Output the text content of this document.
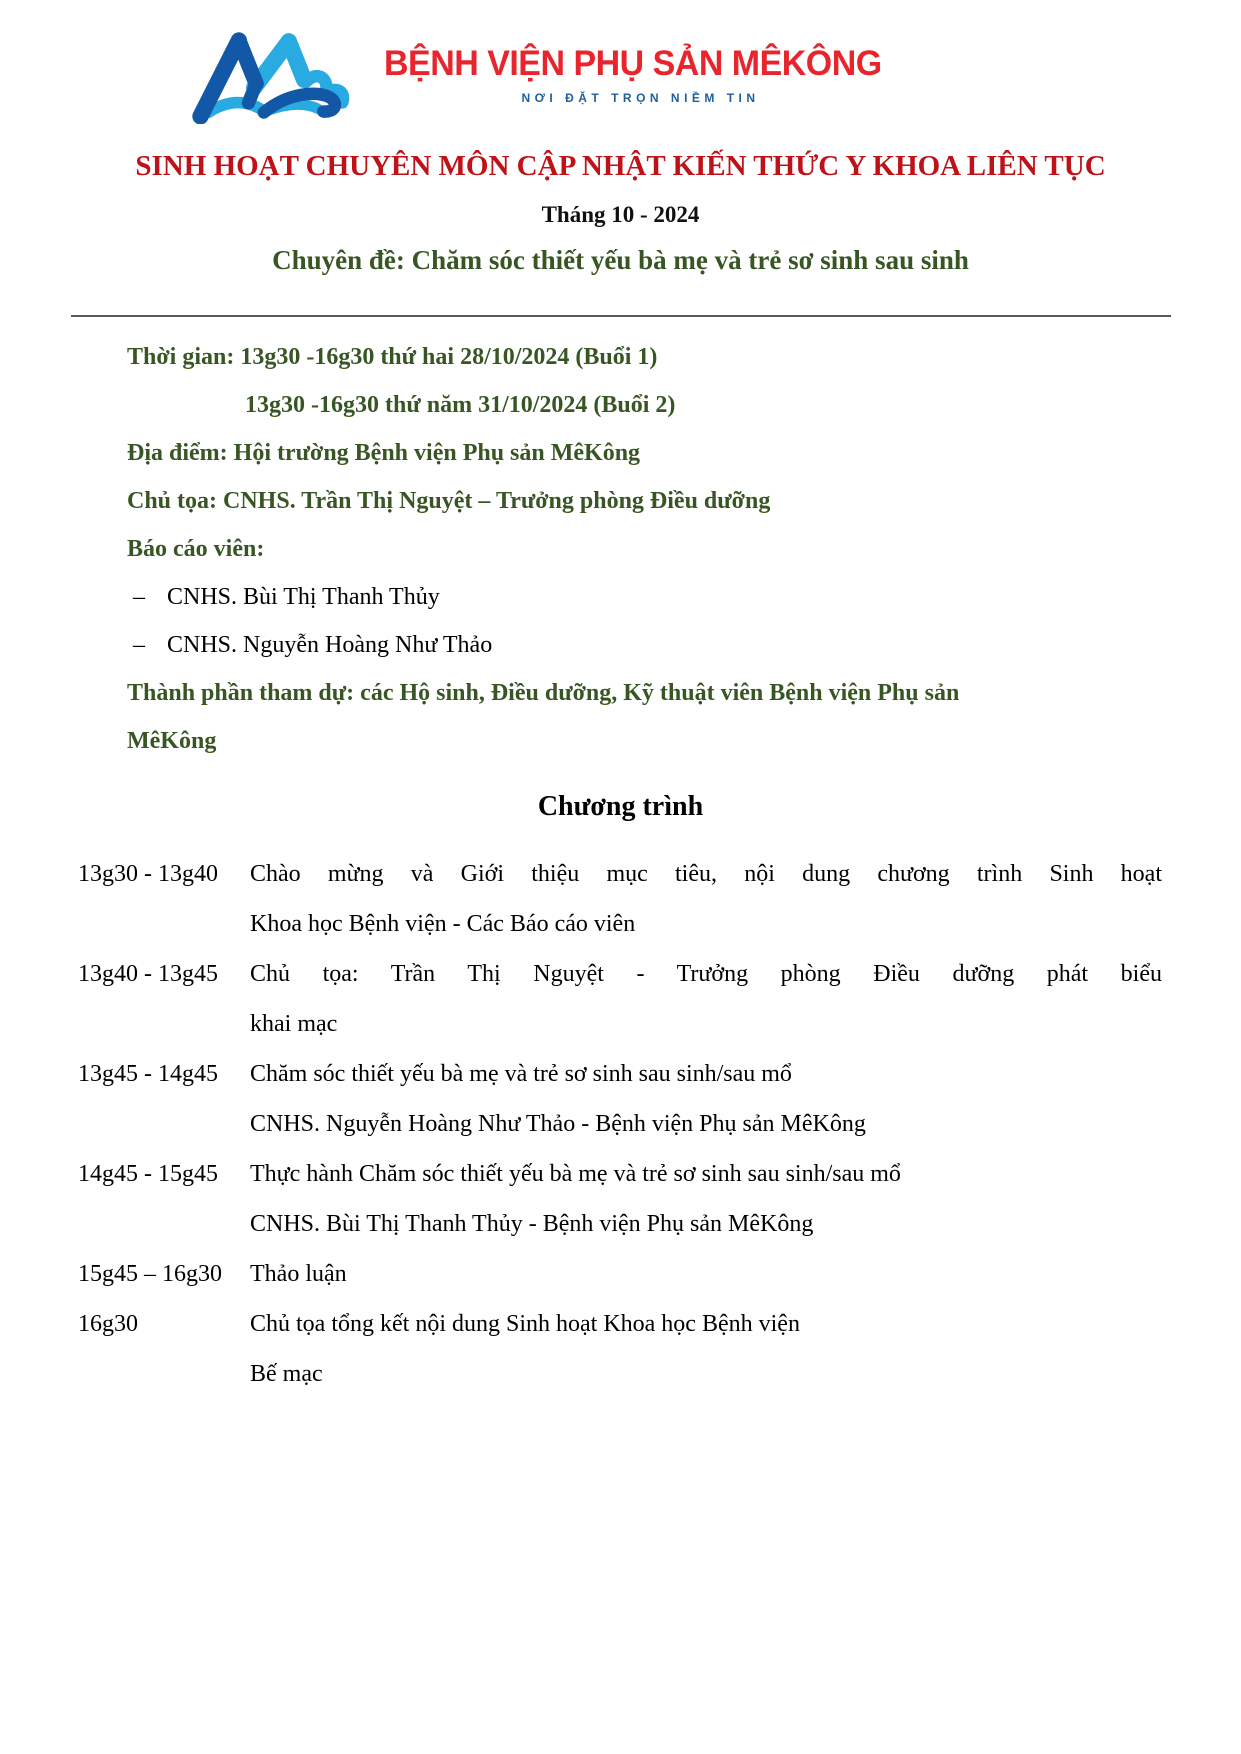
BỆNH VIỆN PHỤ SẢN MÊKÔNG
NƠI ĐẶT TRỌN NIỀM TIN
SINH HOẠT CHUYÊN MÔN CẬP NHẬT KIẾN THỨC Y KHOA LIÊN TỤC
Tháng 10 - 2024
Chuyên đề: Chăm sóc thiết yếu bà mẹ và trẻ sơ sinh sau sinh

Thời gian: 13g30 -16g30 thứ hai 28/10/2024 (Buổi 1)

13g30 -16g30 thứ năm 31/10/2024 (Buổi 2)

Địa điểm: Hội trường Bệnh viện Phụ sản MêKông

Chủ tọa: CNHS. Trần Thị Nguyệt – Trưởng phòng Điều dưỡng

Báo cáo viên:

– CNHS. Bùi Thị Thanh Thủy

– CNHS. Nguyễn Hoàng Như Thảo

Thành phần tham dự: các Hộ sinh, Điều dưỡng, Kỹ thuật viên Bệnh viện Phụ sản

MêKông

Chương trình
13g30 - 13g40	Chào mừng và Giới thiệu mục tiêu, nội dung chương trình Sinh hoạt

Khoa học Bệnh viện - Các Báo cáo viên

13g40 - 13g45	Chủ tọa: Trần Thị Nguyệt - Trưởng phòng Điều dưỡng phát biểu

khai mạc

13g45 - 14g45	Chăm sóc thiết yếu bà mẹ và trẻ sơ sinh sau sinh/sau mổ

CNHS. Nguyễn Hoàng Như Thảo - Bệnh viện Phụ sản MêKông

14g45 - 15g45	Thực hành Chăm sóc thiết yếu bà mẹ và trẻ sơ sinh sau sinh/sau mổ

CNHS. Bùi Thị Thanh Thủy - Bệnh viện Phụ sản MêKông

15g45 – 16g30	Thảo luận

16g30	Chủ tọa tổng kết nội dung Sinh hoạt Khoa học Bệnh viện

Bế mạc
